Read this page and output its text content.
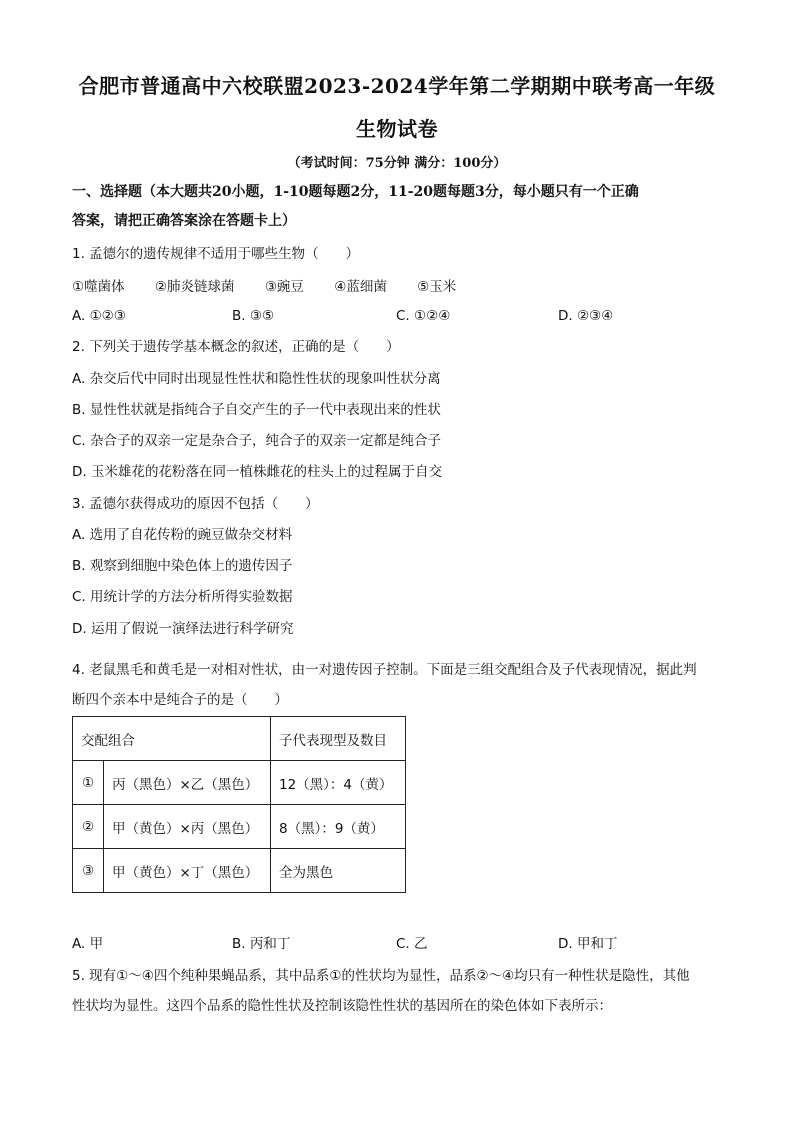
合肥市普通高中六校联盟2023-2024学年第二学期期中联考高一年级
生物试卷
（考试时间：75分钟 满分：100分）
一、选择题（本大题共20小题，1-10题每题2分，11-20题每题3分，每小题只有一个正确
答案，请把正确答案涂在答题卡上）
1. 孟德尔的遗传规律不适用于哪些生物（　　）
①噬菌体 ②肺炎链球菌 ③豌豆 ④蓝细菌 ⑤玉米
A. ①②③	B. ③⑤	C. ①②④	D. ②③④
2. 下列关于遗传学基本概念的叙述，正确的是（　　）
A. 杂交后代中同时出现显性性状和隐性性状的现象叫性状分离
B. 显性性状就是指纯合子自交产生的子一代中表现出来的性状
C. 杂合子的双亲一定是杂合子，纯合子的双亲一定都是纯合子
D. 玉米雄花的花粉落在同一植株雌花的柱头上的过程属于自交
3. 孟德尔获得成功的原因不包括（　　）
A. 选用了自花传粉的豌豆做杂交材料
B. 观察到细胞中染色体上的遗传因子
C. 用统计学的方法分析所得实验数据
D. 运用了假说一演绎法进行科学研究
4. 老鼠黑毛和黄毛是一对相对性状，由一对遗传因子控制。下面是三组交配组合及子代表现情况，据此判
断四个亲本中是纯合子的是（　　）
交配组合		子代表现型及数目
①	丙（黑色）×乙（黑色）	12（黑）：4（黄）
②	甲（黄色）×丙（黑色）	8（黑）：9（黄）
③	甲（黄色）×丁（黑色）	全为黑色
A. 甲	B. 丙和丁	C. 乙	D. 甲和丁
5. 现有①～④四个纯种果蝇品系，其中品系①的性状均为显性，品系②～④均只有一种性状是隐性，其他
性状均为显性。这四个品系的隐性性状及控制该隐性性状的基因所在的染色体如下表所示：
